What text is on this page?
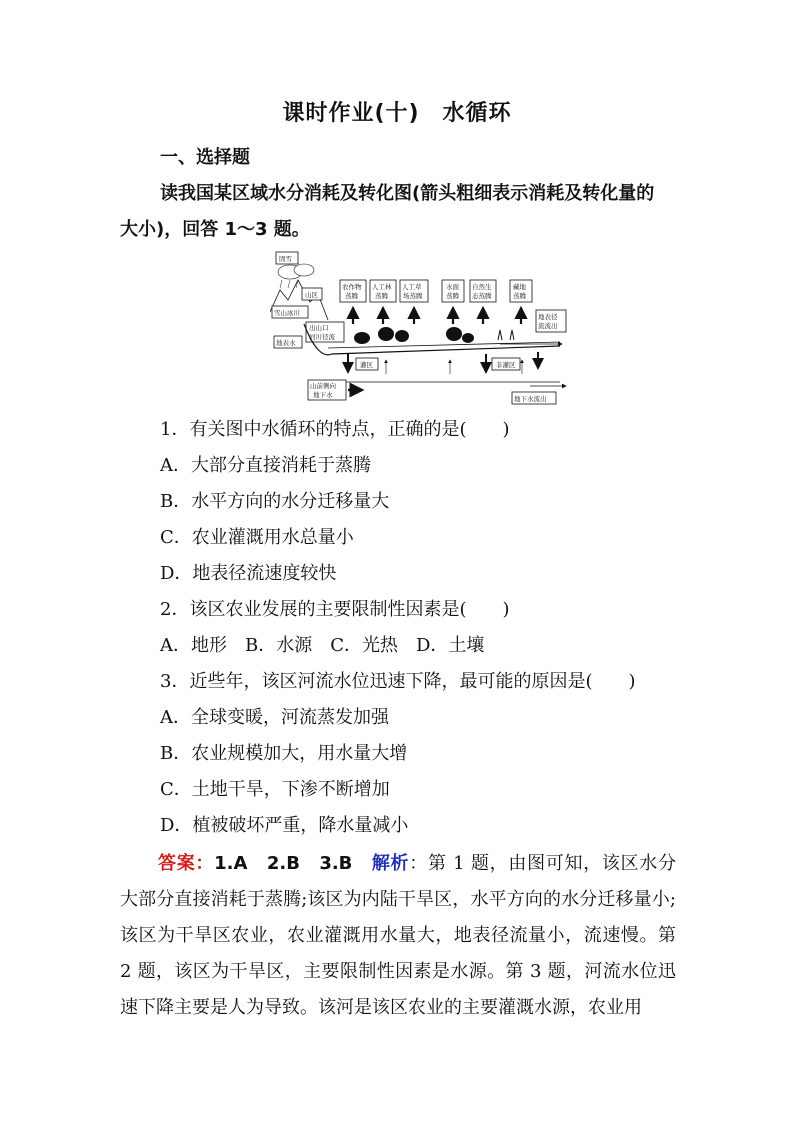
课时作业(十)　水循环
一、选择题
读我国某区域水分消耗及转化图(箭头粗细表示消耗及转化量的
大小)，回答 1～3 题。
固雪
山区
雪山冰川
出山口
河川径流
地表水
农作物
蒸腾
人工林
蒸腾
人工草
场蒸腾
水面
蒸腾
自然生
态蒸腾
藏地
蒸腾
地表径
流流出
灌区	非灌区
山前侧向
地下水	地下水流出
1．有关图中水循环的特点，正确的是(　　)
A．大部分直接消耗于蒸腾
B．水平方向的水分迁移量大
C．农业灌溉用水总量小
D．地表径流速度较快
2．该区农业发展的主要限制性因素是(　　)
A．地形　B．水源　C．光热　D．土壤
3．近些年，该区河流水位迅速下降，最可能的原因是(　　)
A．全球变暖，河流蒸发加强
B．农业规模加大，用水量大增
C．土地干旱，下渗不断增加
D．植被破坏严重，降水量减小
答案：1.A　2.B　3.B　 解析：第 1 题，由图可知，该区水分大部分直接消耗于蒸腾;该区为内陆干旱区，水平方向的水分迁移量小;该区为干旱区农业，农业灌溉用水量大，地表径流量小，流速慢。第 2 题，该区为干旱区，主要限制性因素是水源。第 3 题，河流水位迅速下降主要是人为导致。该河是该区农业的主要灌溉水源，农业用
